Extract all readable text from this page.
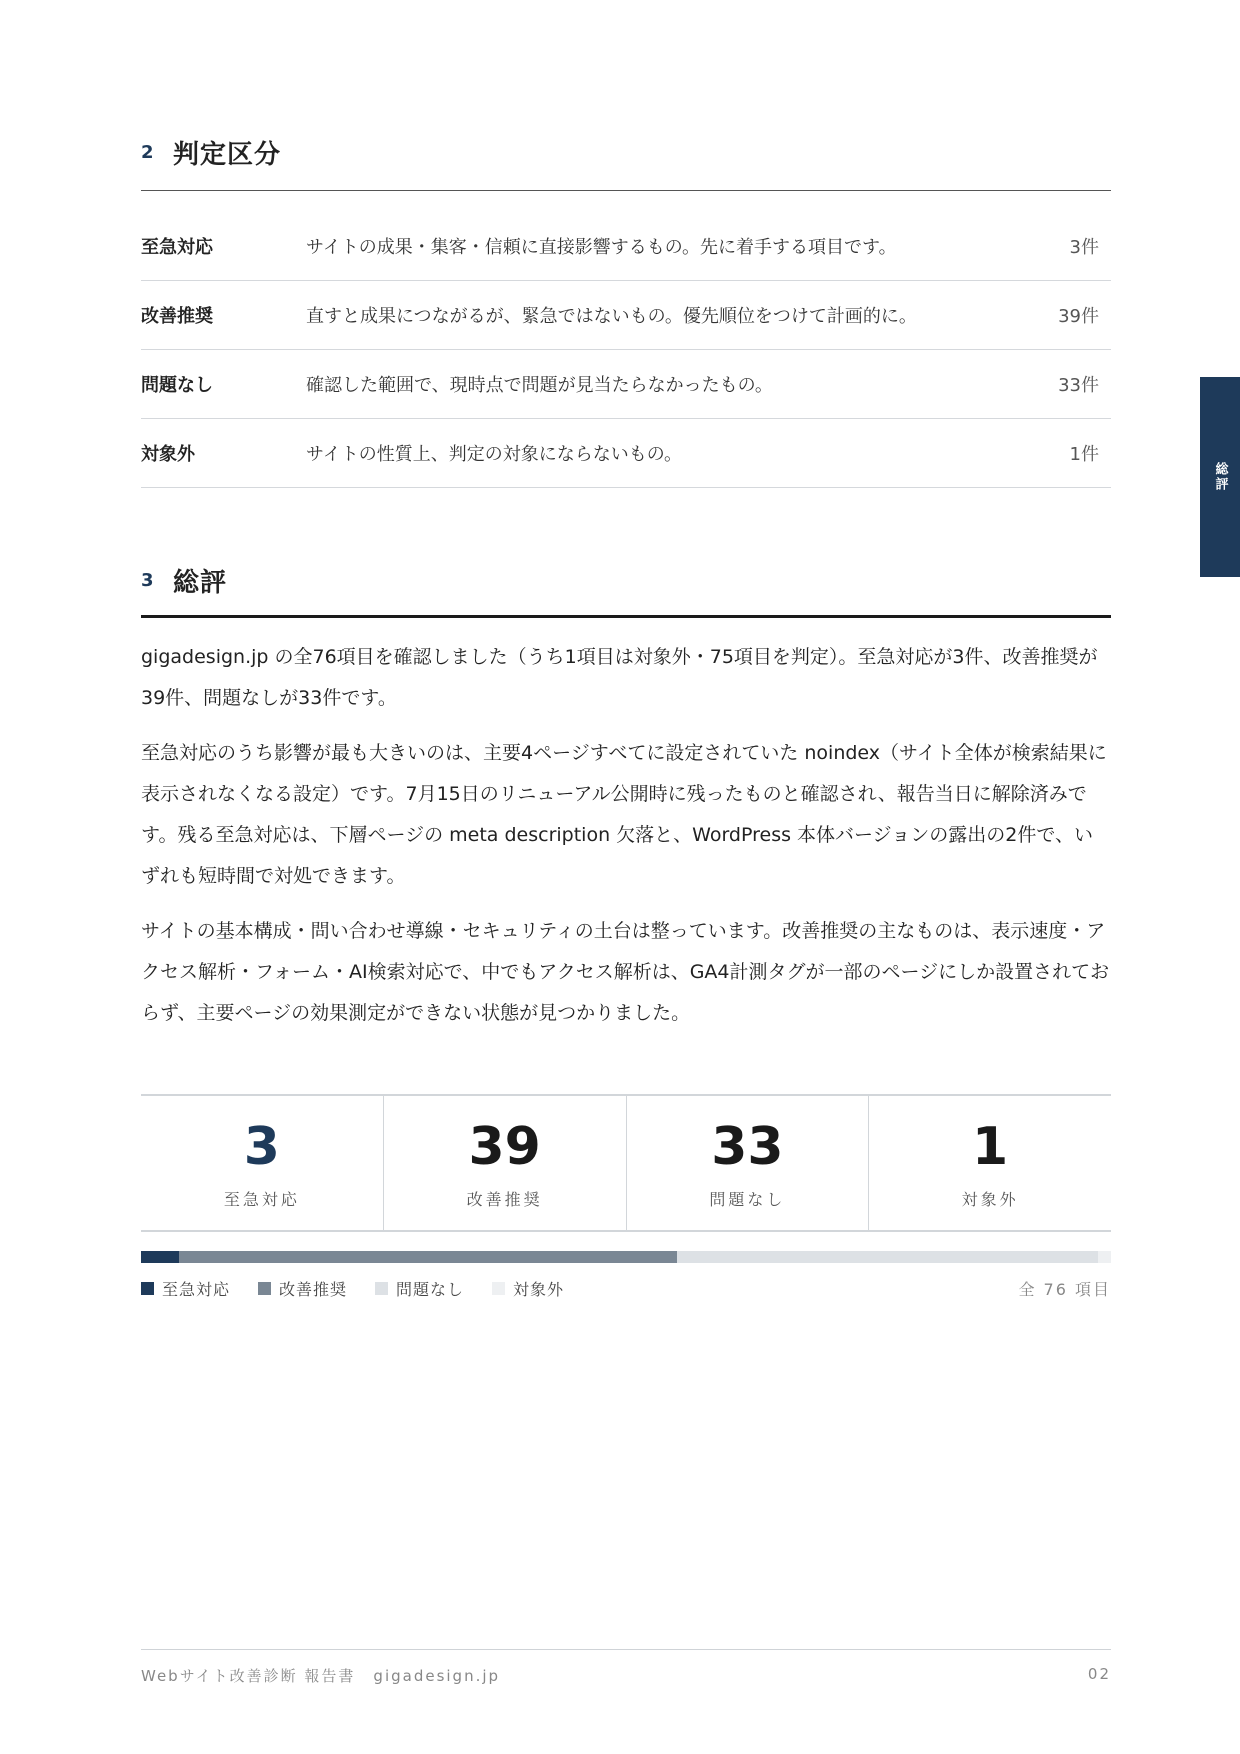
2 判定区分
至急対応	サイトの成果・集客・信頼に直接影響するもの。先に着手する項目です。	3件
改善推奨	直すと成果につながるが、緊急ではないもの。優先順位をつけて計画的に。	39件
問題なし	確認した範囲で、現時点で問題が見当たらなかったもの。	33件
対象外	サイトの性質上、判定の対象にならないもの。	1件
総評
3 総評

gigadesign.jp の全76項目を確認しました（うち1項目は対象外・75項目を判定）。至急対応が3件、改善推奨が39件、問題なしが33件です。

至急対応のうち影響が最も大きいのは、主要4ページすべてに設定されていた noindex（サイト全体が検索結果に表示されなくなる設定）です。7月15日のリニューアル公開時に残ったものと確認され、報告当日に解除済みです。残る至急対応は、下層ページの meta description 欠落と、WordPress 本体バージョンの露出の2件で、いずれも短時間で対処できます。

サイトの基本構成・問い合わせ導線・セキュリティの土台は整っています。改善推奨の主なものは、表示速度・アクセス解析・フォーム・AI検索対応で、中でもアクセス解析は、GA4計測タグが一部のページにしか設置されておらず、主要ページの効果測定ができない状態が見つかりました。

3
至急対応
39
改善推奨
33
問題なし
1
対象外
至急対応	改善推奨	問題なし	対象外	全 76 項目
Webサイト改善診断 報告書 gigadesign.jp	02
